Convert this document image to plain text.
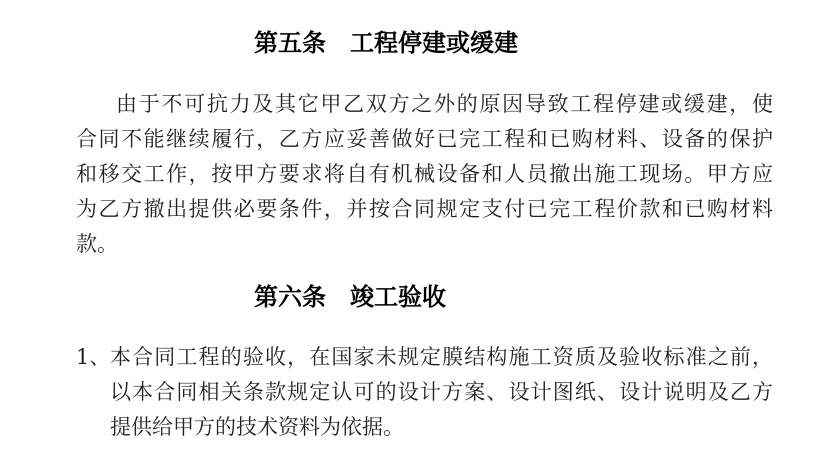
第五条　工程停建或缓建
由于不可抗力及其它甲乙双方之外的原因导致工程停建或缓建，使
合同不能继续履行，乙方应妥善做好已完工程和已购材料、设备的保护
和移交工作，按甲方要求将自有机械设备和人员撤出施工现场。甲方应
为乙方撤出提供必要条件，并按合同规定支付已完工程价款和已购材料
款。
第六条　竣工验收
1、 本合同工程的验收，在国家未规定膜结构施工资质及验收标准之前，
以本合同相关条款规定认可的设计方案、设计图纸、设计说明及乙方
提供给甲方的技术资料为依据。
